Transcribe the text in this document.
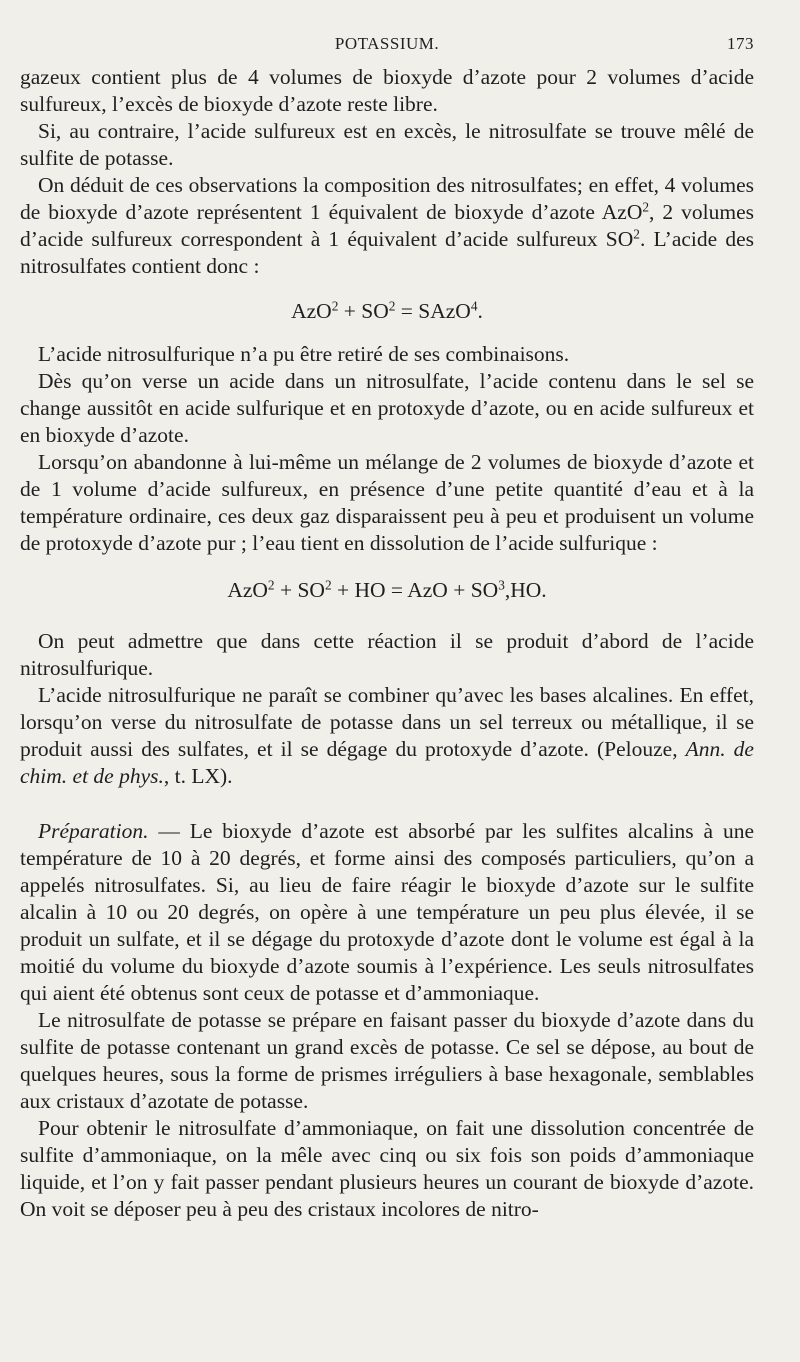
POTASSIUM.	173

gazeux contient plus de 4 volumes de bioxyde d’azote pour 2 volumes d’acide sulfureux, l’excès de bioxyde d’azote reste libre.

Si, au contraire, l’acide sulfureux est en excès, le nitrosulfate se trouve mêlé de sulfite de potasse.

On déduit de ces observations la composition des nitrosulfates; en effet, 4 volumes de bioxyde d’azote représentent 1 équivalent de bioxyde d’azote AzO$^2$, 2 volumes d’acide sulfureux correspondent à 1 équivalent d’acide sulfureux $SO^2$. L’acide des nitrosulfates contient donc :

$AzO^2 + SO^2$ = SAzO$^4$.

L’acide nitrosulfurique n’a pu être retiré de ses combinaisons.

Dès qu’on verse un acide dans un nitrosulfate, l’acide contenu dans le sel se change aussitôt en acide sulfurique et en protoxyde d’azote, ou en acide sulfureux et en bioxyde d’azote.

Lorsqu’on abandonne à lui-même un mélange de 2 volumes de bioxyde d’azote et de 1 volume d’acide sulfureux, en présence d’une petite quantité d’eau et à la température ordinaire, ces deux gaz disparaissent peu à peu et produisent un volume de protoxyde d’azote pur ; l’eau tient en dissolution de l’acide sulfurique :

$AzO^2 + SO^2$ + HO = AzO + $SO^3,HO$.

On peut admettre que dans cette réaction il se produit d’abord de l’acide nitrosulfurique.

L’acide nitrosulfurique ne paraît se combiner qu’avec les bases alcalines. En effet, lorsqu’on verse du nitrosulfate de potasse dans un sel terreux ou métallique, il se produit aussi des sulfates, et il se dégage du protoxyde d’azote. (Pelouze, Ann. de chim. et de phys., t. LX).

Préparation. — Le bioxyde d’azote est absorbé par les sulfites alcalins à une température de 10 à 20 degrés, et forme ainsi des composés particuliers, qu’on a appelés nitrosulfates. Si, au lieu de faire réagir le bioxyde d’azote sur le sulfite alcalin à 10 ou 20 degrés, on opère à une température un peu plus élevée, il se produit un sulfate, et il se dégage du protoxyde d’azote dont le volume est égal à la moitié du volume du bioxyde d’azote soumis à l’expérience. Les seuls nitrosulfates qui aient été obtenus sont ceux de potasse et d’ammoniaque.

Le nitrosulfate de potasse se prépare en faisant passer du bioxyde d’azote dans du sulfite de potasse contenant un grand excès de potasse. Ce sel se dépose, au bout de quelques heures, sous la forme de prismes irréguliers à base hexagonale, semblables aux cristaux d’azotate de potasse.

Pour obtenir le nitrosulfate d’ammoniaque, on fait une dissolution concentrée de sulfite d’ammoniaque, on la mêle avec cinq ou six fois son poids d’ammoniaque liquide, et l’on y fait passer pendant plusieurs heures un courant de bioxyde d’azote. On voit se déposer peu à peu des cristaux incolores de nitro-
